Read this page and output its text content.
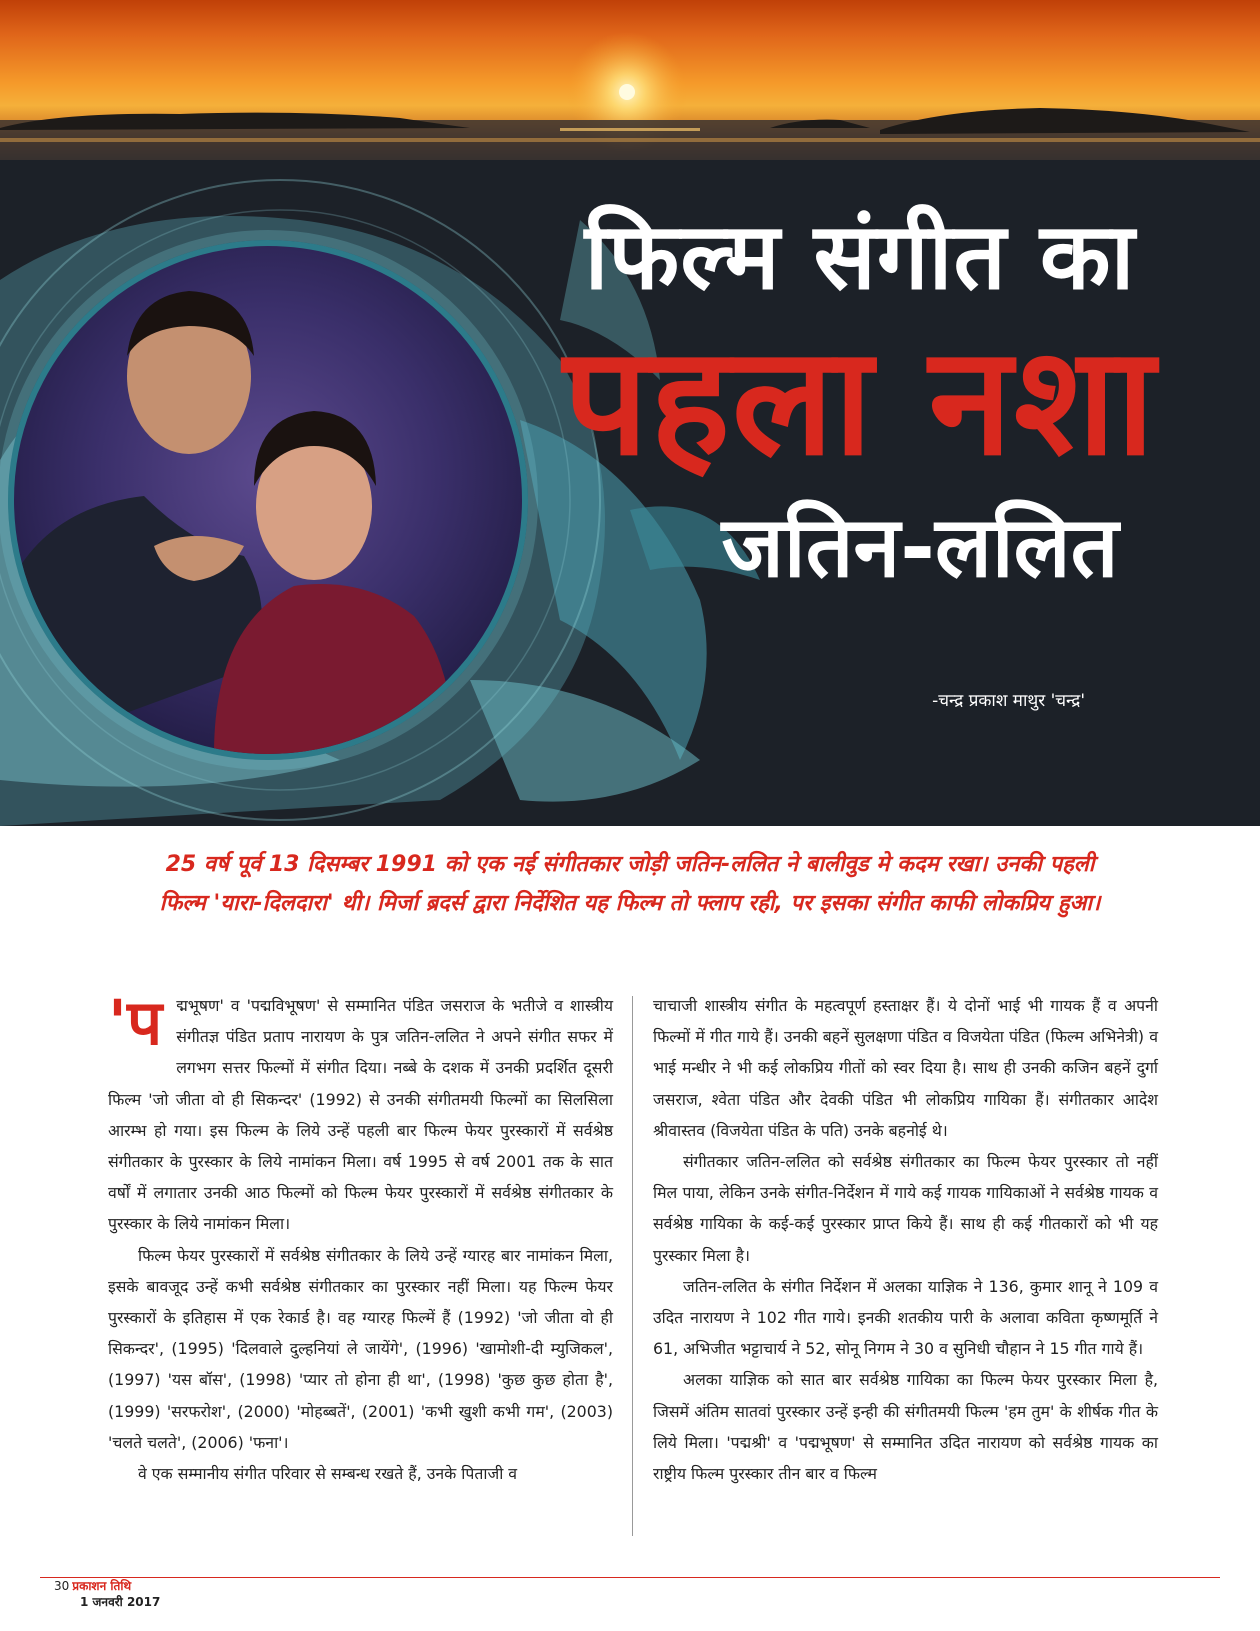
फिल्म संगीत का
पहला नशा
जतिन-ललित
-चन्द्र प्रकाश माथुर 'चन्द्र'
25 वर्ष पूर्व 13 दिसम्बर 1991 को एक नई संगीतकार जोड़ी जतिन-ललित ने बालीवुड मे कदम रखा। उनकी पहली फिल्म 'यारा-दिलदारा' थी। मिर्जा ब्रदर्स द्वारा निर्देशित यह फिल्म तो फ्लाप रही, पर इसका संगीत काफी लोकप्रिय हुआ।

'प द्मभूषण' व 'पद्मविभूषण' से सम्मानित पंडित जसराज के भतीजे व शास्त्रीय संगीतज्ञ पंडित प्रताप नारायण के पुत्र जतिन-ललित ने अपने संगीत सफर में लगभग सत्तर फिल्मों में संगीत दिया। नब्बे के दशक में उनकी प्रदर्शित दूसरी फिल्म 'जो जीता वो ही सिकन्दर' (1992) से उनकी संगीतमयी फिल्मों का सिलसिला आरम्भ हो गया। इस फिल्म के लिये उन्हें पहली बार फिल्म फेयर पुरस्कारों में सर्वश्रेष्ठ संगीतकार के पुरस्कार के लिये नामांकन मिला। वर्ष 1995 से वर्ष 2001 तक के सात वर्षों में लगातार उनकी आठ फिल्मों को फिल्म फेयर पुरस्कारों में सर्वश्रेष्ठ संगीतकार के पुरस्कार के लिये नामांकन मिला।

फिल्म फेयर पुरस्कारों में सर्वश्रेष्ठ संगीतकार के लिये उन्हें ग्यारह बार नामांकन मिला, इसके बावजूद उन्हें कभी सर्वश्रेष्ठ संगीतकार का पुरस्कार नहीं मिला। यह फिल्म फेयर पुरस्कारों के इतिहास में एक रेकार्ड है। वह ग्यारह फिल्में हैं (1992) 'जो जीता वो ही सिकन्दर', (1995) 'दिलवाले दुल्हनियां ले जायेंगे', (1996) 'खामोशी-दी म्युजिकल', (1997) 'यस बॉस', (1998) 'प्यार तो होना ही था', (1998) 'कुछ कुछ होता है', (1999) 'सरफरोश', (2000) 'मोहब्बतें', (2001) 'कभी खुशी कभी गम', (2003) 'चलते चलते', (2006) 'फना'।

वे एक सम्मानीय संगीत परिवार से सम्बन्ध रखते हैं, उनके पिताजी व

चाचाजी शास्त्रीय संगीत के महत्वपूर्ण हस्ताक्षर हैं। ये दोनों भाई भी गायक हैं व अपनी फिल्मों में गीत गाये हैं। उनकी बहनें सुलक्षणा पंडित व विजयेता पंडित (फिल्म अभिनेत्री) व भाई मन्धीर ने भी कई लोकप्रिय गीतों को स्वर दिया है। साथ ही उनकी कजिन बहनें दुर्गा जसराज, श्वेता पंडित और देवकी पंडित भी लोकप्रिय गायिका हैं। संगीतकार आदेश श्रीवास्तव (विजयेता पंडित के पति) उनके बहनोई थे।

संगीतकार जतिन-ललित को सर्वश्रेष्ठ संगीतकार का फिल्म फेयर पुरस्कार तो नहीं मिल पाया, लेकिन उनके संगीत-निर्देशन में गाये कई गायक गायिकाओं ने सर्वश्रेष्ठ गायक व सर्वश्रेष्ठ गायिका के कई-कई पुरस्कार प्राप्त किये हैं। साथ ही कई गीतकारों को भी यह पुरस्कार मिला है।

जतिन-ललित के संगीत निर्देशन में अलका याज्ञिक ने 136, कुमार शानू ने 109 व उदित नारायण ने 102 गीत गाये। इनकी शतकीय पारी के अलावा कविता कृष्णमूर्ति ने 61, अभिजीत भट्टाचार्य ने 52, सोनू निगम ने 30 व सुनिधी चौहान ने 15 गीत गाये हैं।

अलका याज्ञिक को सात बार सर्वश्रेष्ठ गायिका का फिल्म फेयर पुरस्कार मिला है, जिसमें अंतिम सातवां पुरस्कार उन्हें इन्ही की संगीतमयी फिल्म 'हम तुम' के शीर्षक गीत के लिये मिला। 'पद्मश्री' व 'पद्मभूषण' से सम्मानित उदित नारायण को सर्वश्रेष्ठ गायक का राष्ट्रीय फिल्म पुरस्कार तीन बार व फिल्म

30 प्रकाशन तिथि
1 जनवरी 2017
